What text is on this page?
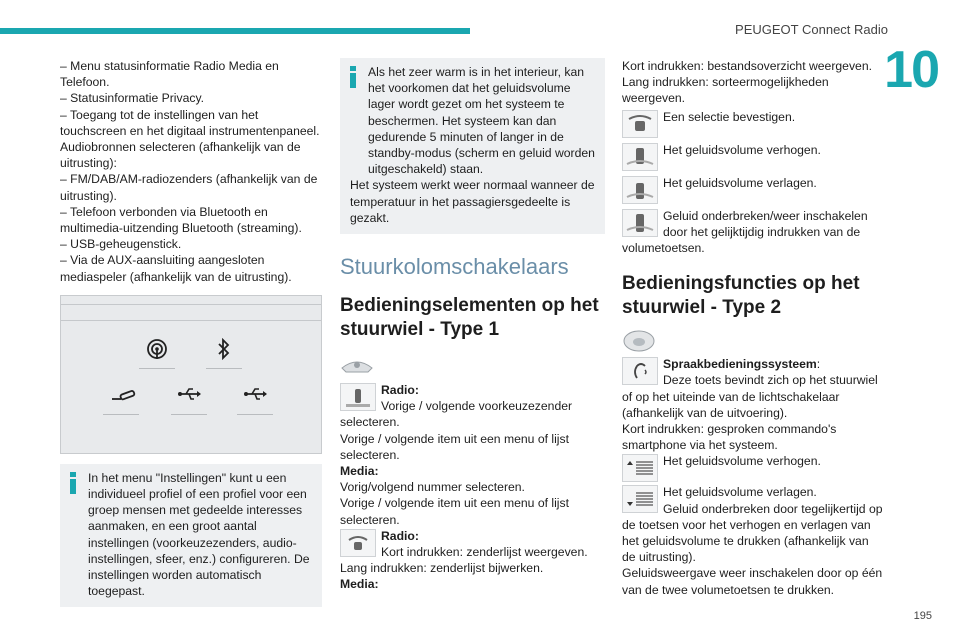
PEUGEOT Connect Radio
10
195

– Menu statusinformatie Radio Media en Telefoon.

– Statusinformatie Privacy.

– Toegang tot de instellingen van het touchscreen en het digitaal instrumentenpaneel.

Audiobronnen selecteren (afhankelijk van de uitrusting):

– FM/DAB/AM-radiozenders (afhankelijk van de uitrusting).

– Telefoon verbonden via Bluetooth en multimedia-uitzending Bluetooth (streaming).

– USB-geheugenstick.

– Via de AUX-aansluiting aangesloten mediaspeler (afhankelijk van de uitrusting).

In het menu "Instellingen" kunt u een individueel profiel of een profiel voor een groep mensen met gedeelde interesses aanmaken, en een groot aantal instellingen (voorkeuzezenders, audio-instellingen, sfeer, enz.) configureren. De instellingen worden automatisch toegepast.

Als het zeer warm is in het interieur, kan het voorkomen dat het geluidsvolume lager wordt gezet om het systeem te beschermen. Het systeem kan dan gedurende 5 minuten of langer in de standby-modus (scherm en geluid worden uitgeschakeld) staan.

Het systeem werkt weer normaal wanneer de temperatuur in het passagiersgedeelte is gezakt.

Stuurkolomschakelaars
Bedieningselementen op het stuurwiel - Type 1
Radio:
Vorige / volgende voorkeuzezender selecteren.

Vorige / volgende item uit een menu of lijst selecteren.

Media:

Vorig/volgend nummer selecteren.

Vorige / volgende item uit een menu of lijst selecteren.

Radio:
Kort indrukken: zenderlijst weergeven.

Lang indrukken: zenderlijst bijwerken.

Media:

Kort indrukken: bestandsoverzicht weergeven.

Lang indrukken: sorteermogelijkheden weergeven.

Een selectie bevestigen.
Het geluidsvolume verhogen.
Het geluidsvolume verlagen.
Geluid onderbreken/weer inschakelen door het gelijktijdig indrukken van de volumetoetsen.
Bedieningsfuncties op het stuurwiel - Type 2
Spraakbedieningssysteem:
Deze toets bevindt zich op het stuurwiel of op het uiteinde van de lichtschakelaar (afhankelijk van de uitvoering).

Kort indrukken: gesproken commando's smartphone via het systeem.

Het geluidsvolume verhogen.
Het geluidsvolume verlagen.
Geluid onderbreken door tegelijkertijd op de toetsen voor het verhogen en verlagen van het geluidsvolume te drukken (afhankelijk van de uitrusting).

Geluidsweergave weer inschakelen door op één van de twee volumetoetsen te drukken.
